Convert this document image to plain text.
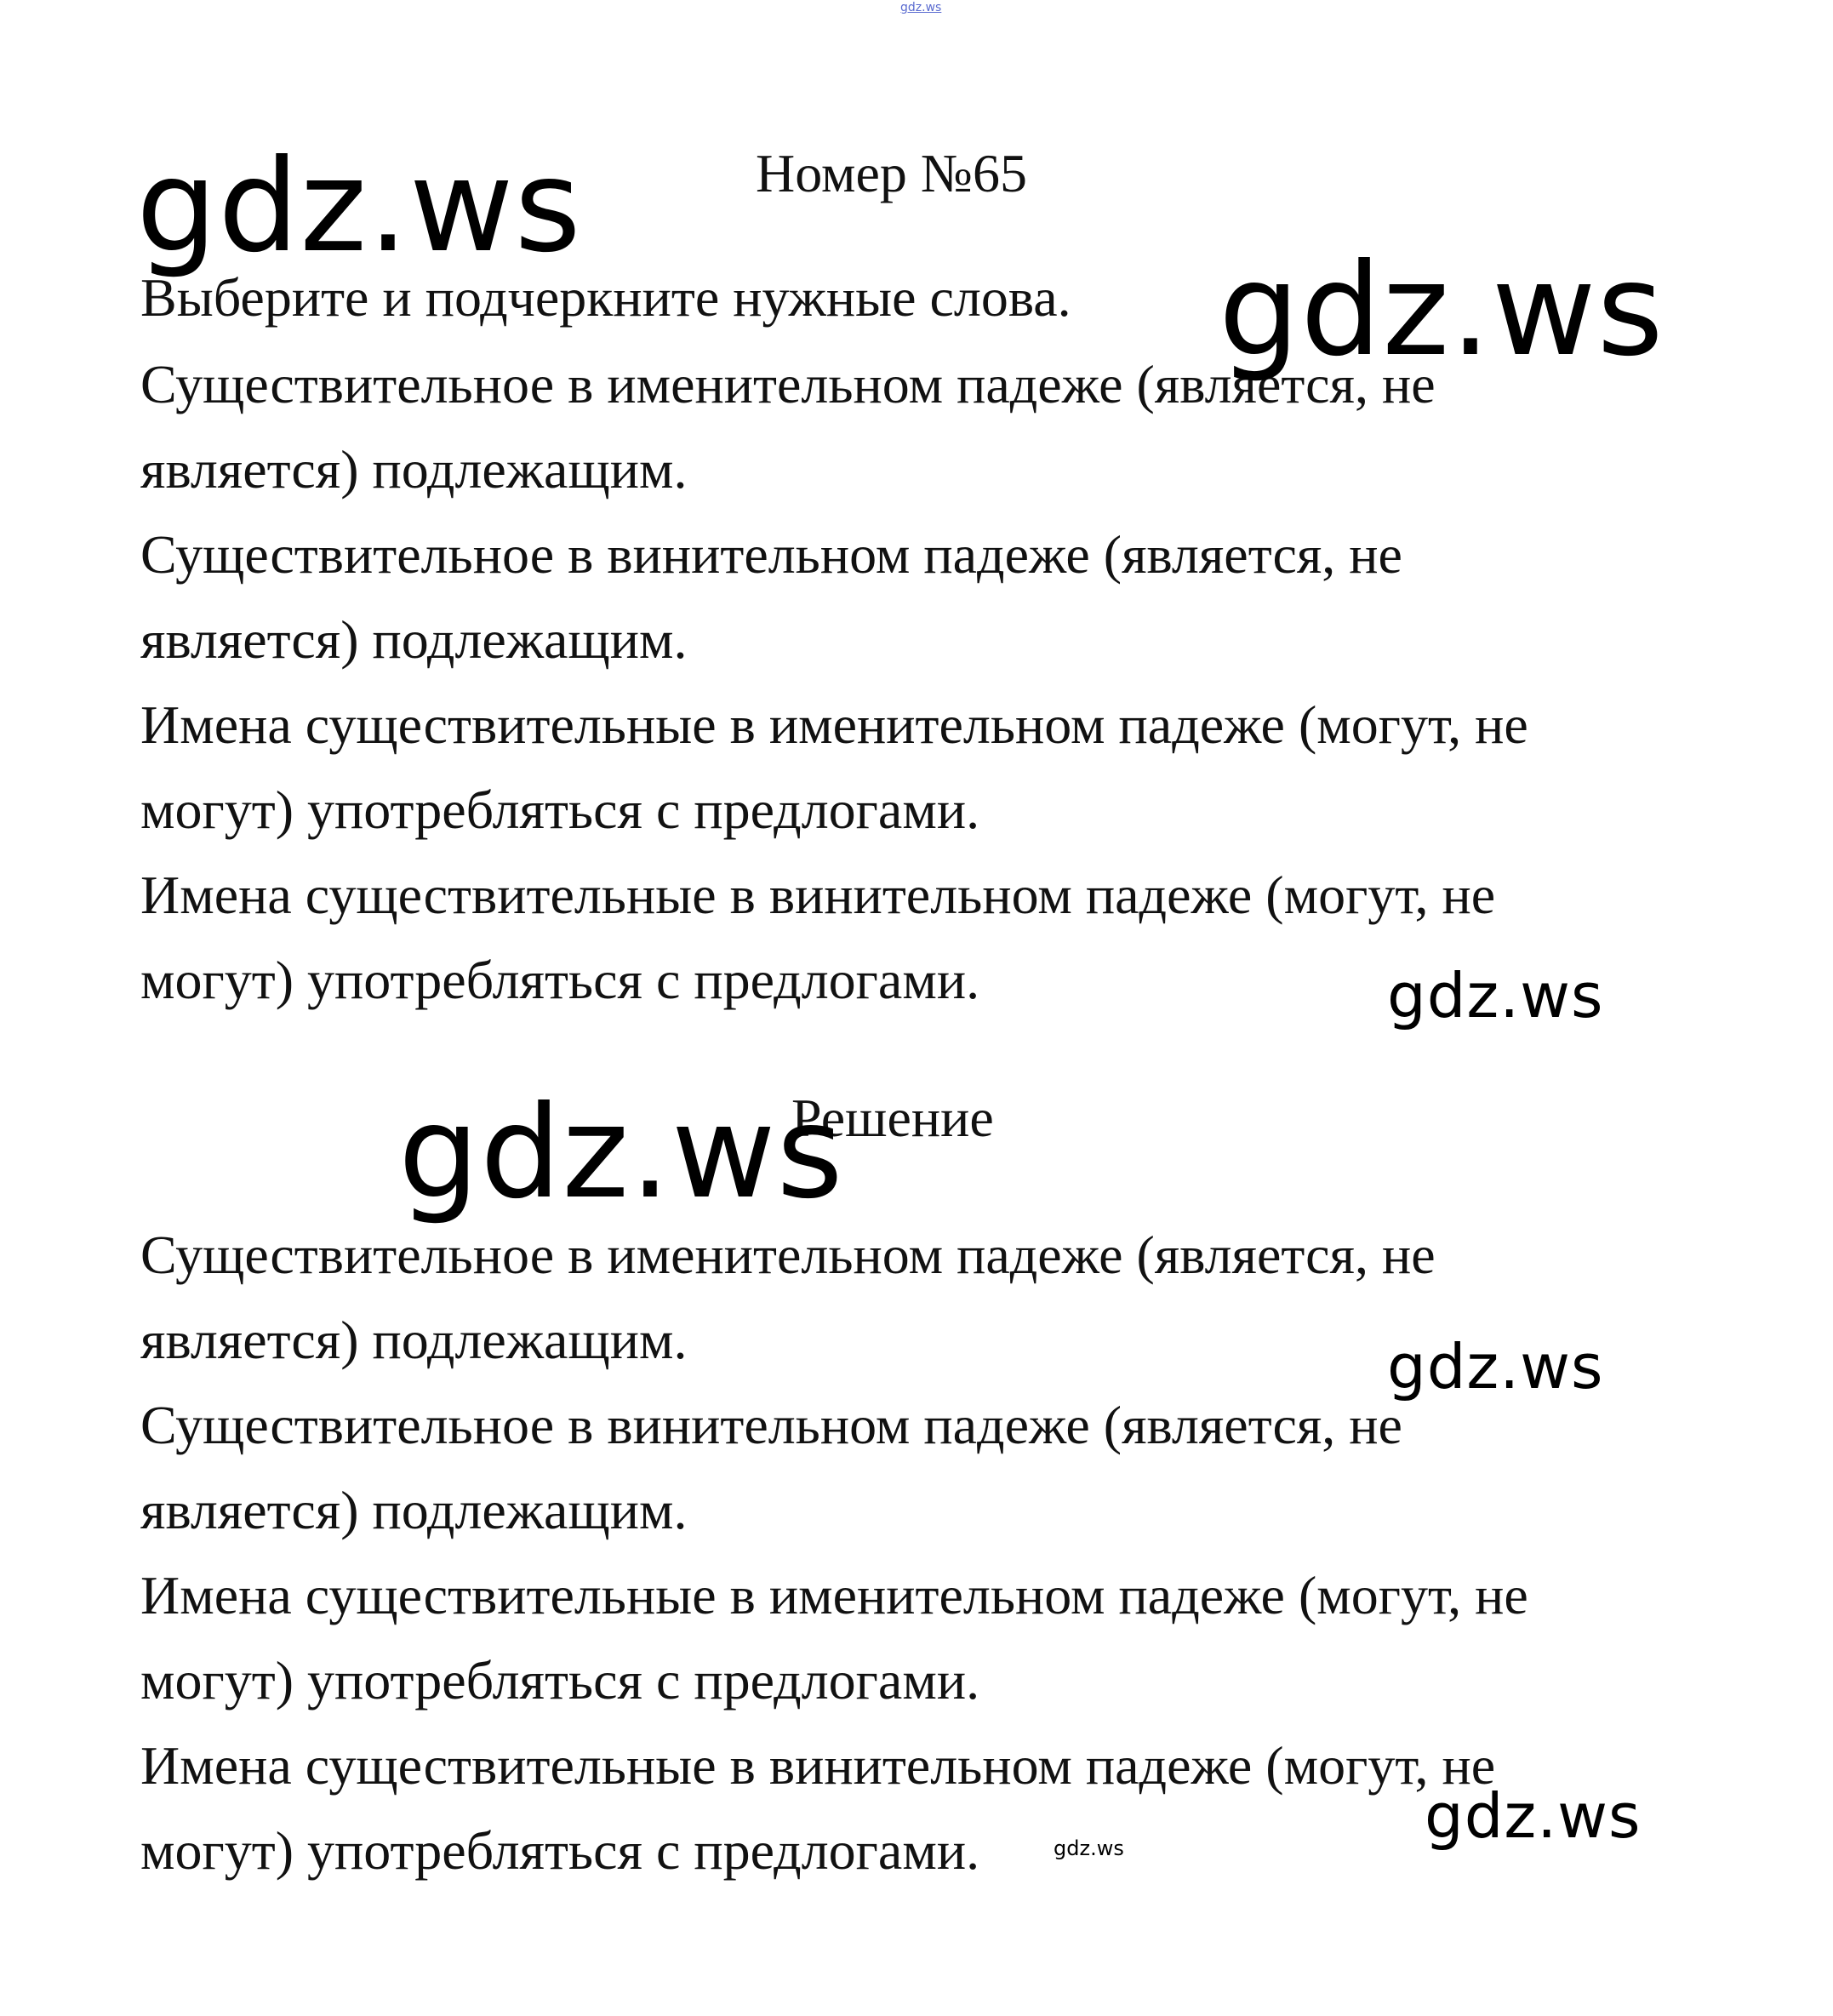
gdz.ws

Номер №65

Выберите и подчеркните нужные слова.

Существительное в именительном падеже (является, не

является) подлежащим.

Существительное в винительном падеже (является, не

является) подлежащим.

Имена существительные в именительном падеже (могут, не

могут) употребляться с предлогами.

Имена существительные в винительном падеже (могут, не

могут) употребляться с предлогами.

Решение

Существительное в именительном падеже (является, не

является) подлежащим.

Существительное в винительном падеже (является, не

является) подлежащим.

Имена существительные в именительном падеже (могут, не

могут) употребляться с предлогами.

Имена существительные в винительном падеже (могут, не

могут) употребляться с предлогами.

gdz.ws
gdz.ws
gdz.ws
gdz.ws
gdz.ws
gdz.ws
gdz.ws
